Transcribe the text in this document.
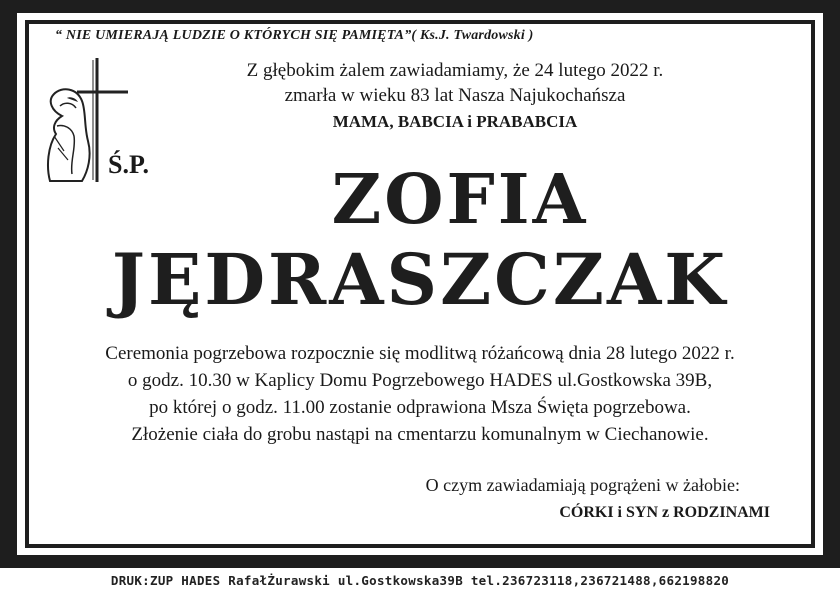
“ NIE UMIERAJĄ LUDZIE O KTÓRYCH SIĘ PAMIĘTA”( Ks.J. Twardowski )
Z głębokim żalem zawiadamiamy, że 24 lutego 2022 r.
zmarła w wieku 83 lat Nasza Najukochańsza
MAMA, BABCIA i PRABABCIA
Ś.P.	ZOFIA
JĘDRASZCZAK
Ceremonia pogrzebowa rozpocznie się modlitwą różańcową dnia 28 lutego 2022 r.
o godz. 10.30 w Kaplicy Domu Pogrzebowego HADES ul.Gostkowska 39B,
po której o godz. 11.00 zostanie odprawiona Msza Święta pogrzebowa.
Złożenie ciała do grobu nastąpi na cmentarzu komunalnym w Ciechanowie.
O czym zawiadamiają pogrążeni w żałobie:
CÓRKI i SYN z RODZINAMI
DRUK:ZUP HADES RafałŻurawski ul.Gostkowska39B tel.236723118,236721488,662198820
